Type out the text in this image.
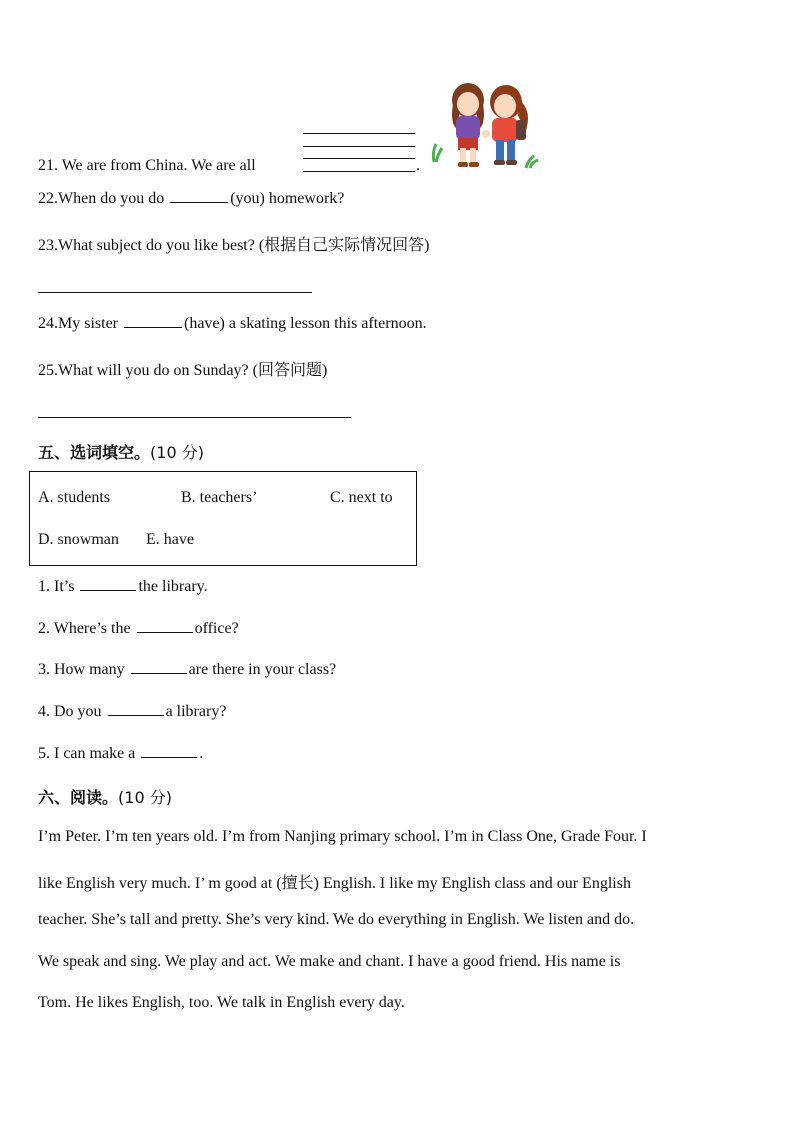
21. We are from China. We are all	.
22.When do you do	(you) homework?
23.What subject do you like best? (根据自己实际情况回答)
24.My sister	(have) a skating lesson this afternoon.
25.What will you do on Sunday? (回答问题)
五、选词填空。(10 分)
A. students	B. teachers’	C. next to
D. snowman E. have
1. It’s	the library.
2. Where’s the	office?
3. How many	are there in your class?
4. Do you	a library?
5. I can make a	.
六、阅读。(10 分)
I’m Peter. I’m ten years old. I’m from Nanjing primary school. I’m in Class One, Grade Four. I
like English very much. I’ m good at (擅长) English. I like my English class and our English
teacher. She’s tall and pretty. She’s very kind. We do everything in English. We listen and do.
We speak and sing. We play and act. We make and chant. I have a good friend. His name is
Tom. He likes English, too. We talk in English every day.
